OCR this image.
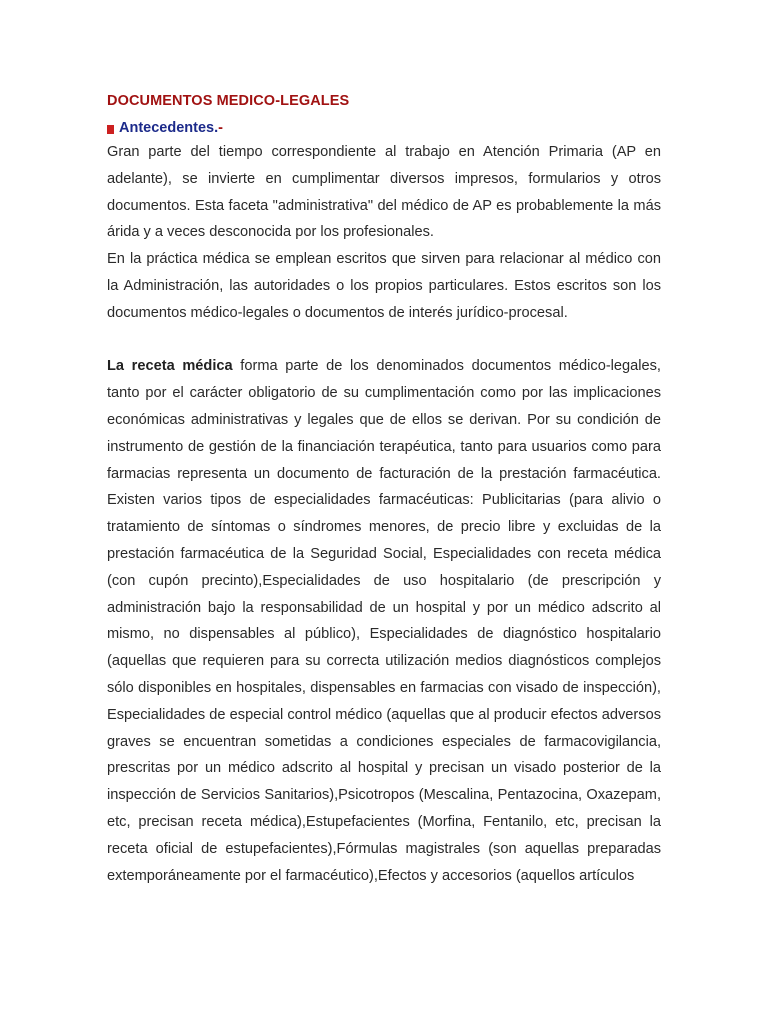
DOCUMENTOS MEDICO-LEGALES
Antecedentes. -

Gran parte del tiempo correspondiente al trabajo en Atención Primaria (AP en adelante), se invierte en cumplimentar diversos impresos, formularios y otros documentos. Esta faceta "administrativa" del médico de AP es probablemente la más árida y a veces desconocida por los profesionales.

En la práctica médica se emplean escritos que sirven para relacionar al médico con la Administración, las autoridades o los propios particulares. Estos escritos son los documentos médico-legales o documentos de interés jurídico-procesal.

La receta médica forma parte de los denominados documentos médico-legales, tanto por el carácter obligatorio de su cumplimentación como por las implicaciones económicas administrativas y legales que de ellos se derivan. Por su condición de instrumento de gestión de la financiación terapéutica, tanto para usuarios como para farmacias representa un documento de facturación de la prestación farmacéutica. Existen varios tipos de especialidades farmacéuticas: Publicitarias (para alivio o tratamiento de síntomas o síndromes menores, de precio libre y excluidas de la prestación farmacéutica de la Seguridad Social, Especialidades con receta médica (con cupón precinto),Especialidades de uso hospitalario (de prescripción y administración bajo la responsabilidad de un hospital y por un médico adscrito al mismo, no dispensables al público), Especialidades de diagnóstico hospitalario (aquellas que requieren para su correcta utilización medios diagnósticos complejos sólo disponibles en hospitales, dispensables en farmacias con visado de inspección), Especialidades de especial control médico (aquellas que al producir efectos adversos graves se encuentran sometidas a condiciones especiales de farmacovigilancia, prescritas por un médico adscrito al hospital y precisan un visado posterior de la inspección de Servicios Sanitarios),Psicotropos (Mescalina, Pentazocina, Oxazepam, etc, precisan receta médica),Estupefacientes (Morfina, Fentanilo, etc, precisan la receta oficial de estupefacientes),Fórmulas magistrales (son aquellas preparadas extemporáneamente por el farmacéutico),Efectos y accesorios (aquellos artículos
